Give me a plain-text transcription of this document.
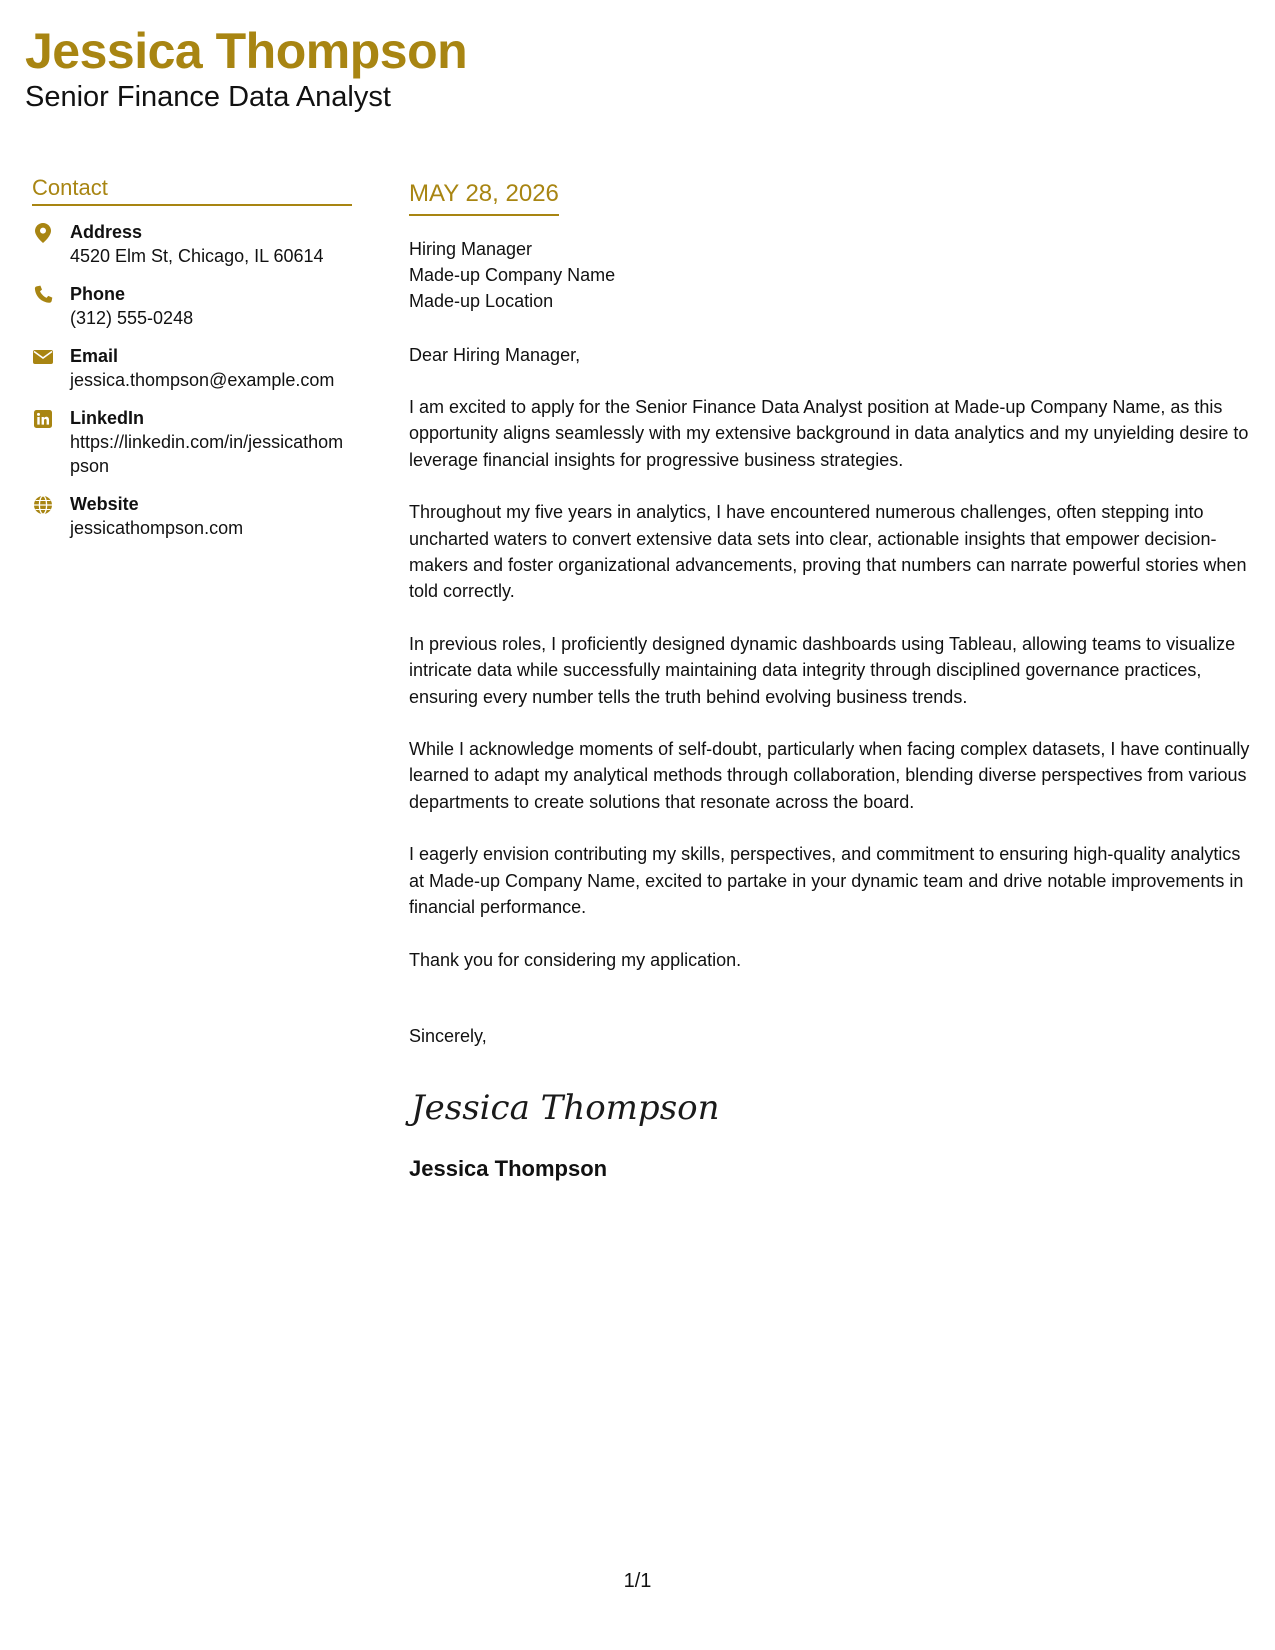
Jessica Thompson
Senior Finance Data Analyst
Contact
Address
4520 Elm St, Chicago, IL 60614
Phone
(312) 555-0248
Email
jessica.thompson@example.com
LinkedIn
https://linkedin.com/in/jessicathompson
Website
jessicathompson.com
MAY 28, 2026
Hiring Manager
Made-up Company Name
Made-up Location
Dear Hiring Manager,

I am excited to apply for the Senior Finance Data Analyst position at Made-up Company Name, as this opportunity aligns seamlessly with my extensive background in data analytics and my unyielding desire to leverage financial insights for progressive business strategies.

Throughout my five years in analytics, I have encountered numerous challenges, often stepping into uncharted waters to convert extensive data sets into clear, actionable insights that empower decision-makers and foster organizational advancements, proving that numbers can narrate powerful stories when told correctly.

In previous roles, I proficiently designed dynamic dashboards using Tableau, allowing teams to visualize intricate data while successfully maintaining data integrity through disciplined governance practices, ensuring every number tells the truth behind evolving business trends.

While I acknowledge moments of self-doubt, particularly when facing complex datasets, I have continually learned to adapt my analytical methods through collaboration, blending diverse perspectives from various departments to create solutions that resonate across the board.

I eagerly envision contributing my skills, perspectives, and commitment to ensuring high-quality analytics at Made-up Company Name, excited to partake in your dynamic team and drive notable improvements in financial performance.

Thank you for considering my application.

Sincerely,
Jessica Thompson
Jessica Thompson
1/1
